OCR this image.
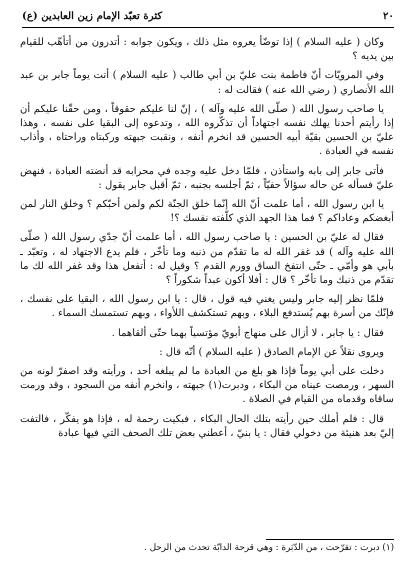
٢٠
كثرة تعبّد الإمام زين العابدين (ع)

وكان ( عليه السلام ) إذا توضّأ يعروه مثل ذلك ، ويكون جوابه : أتدرون من أتأهّب للقيام بين يديه ؟

وفي المرويّات أنّ فاطمة بنت عليّ بن أبي طالب ( عليه السلام ) أتت يوماً جابر بن عبد الله الأنصاري ( رضي الله عنه ) فقالت له :

يا صاحب رسول الله ( صلّى الله عليه وآله ) ، إنّ لنا عليكم حقوقاً ، ومن حقّنا عليكم أن إذا رأيتم أحدنا يهلك نفسه اجتهاداً أن تذكّروه الله ، وتدعوه إلى البقيا على نفسه ، وهذا عليّ بن الحسين بقيّة أبيه الحسين قد انخرم أنفه ، ونقبت جبهته وركبتاه وراحتاه ، وأذاب نفسه في العبادة .

فأتى جابر إلى بابه واستأذن ، فلمّا دخل عليه وجده في محرابه قد أنضته العبادة ، فنهض عليّ فسأله عن حاله سؤالاً حفيّاً ، ثمّ أجلسه بجنبه ، ثمّ أقبل جابر يقول :

يا ابن رسول الله ، أما علمت أنّ الله إنّما خلق الجنّة لكم ولمن أحبّكم ؟ وخلق النار لمن أبغضكم وعاداكم ؟ فما هذا الجهد الذي كلّفته نفسك ؟!

فقال له عليّ بن الحسين : يا صاحب رسول الله ، أما علمت أنّ جدّي رسول الله ( صلّى الله عليه وآله ) قد غفر الله له ما تقدّم من ذنبه وما تأخّر ، فلم يدع الاجتهاد له ، وتعبّد ـ بأبي هو وأمّي ـ حتّى انتفخ الساق وورم القدم ؟ وقيل له : أتفعل هذا وقد غفر الله لك ما تقدّم من ذنبك وما تأخّر ؟ قال : أفلا أكون عبداً شكوراً ؟

فلمّا نظر إليه جابر وليس يغني فيه قول ، قال : يا ابن رسول الله ، البقيا على نفسك ، فإنّك من أسرة بهم يُستدفع البلاء ، وبهم تستكشف اللأواء ، وبهم تستمسك السماء .

فقال : يا جابر ، لا أزال على منهاج أبويّ مؤتسياً بهما حتّى ألقاهما .

ويروى نقلاً عن الإمام الصادق ( عليه السلام ) أنّه قال :

دخلت على أبي يوماً فإذا هو بلغ من العبادة ما لم يبلغه أحد ، ورأيته وقد اصفرّ لونه من السهر ، ورمصت عيناه من البكاء ، ودبرت(١) جبهته ، وانخرم أنفه من السجود ، وقد ورمت ساقاه وقدماه من القيام في الصلاة .

قال : فلم أملك حين رأيته بتلك الحال البكاء ، فبكيت رحمة له ، فإذا هو يفكّر ، فالتفت إليّ بعد هنيئة من دخولي فقال : يا بنيّ ، أعطني بعض تلك الصحف التي فيها عبادة

(١) دبرت : تقرّحت ، من الدّبَرة : وهي قرحة الدابّة تحدث من الرحل .
